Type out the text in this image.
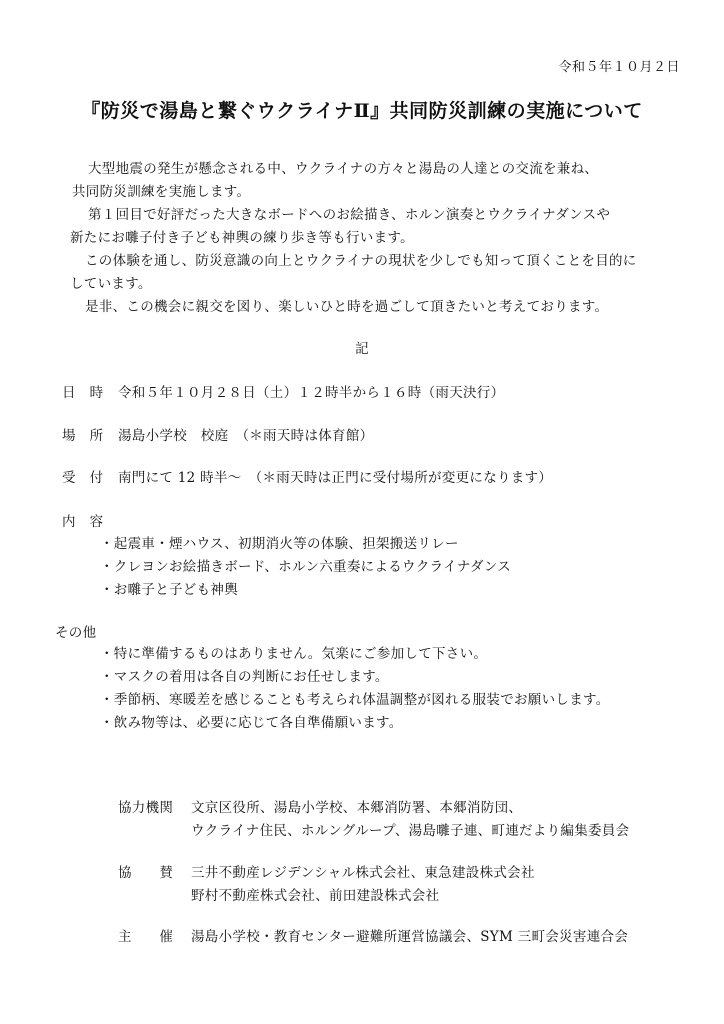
令和５年１０月２日
『防災で湯島と繋ぐウクライナⅡ』共同防災訓練の実施について
大型地震の発生が懸念される中、ウクライナの方々と湯島の人達との交流を兼ね、
共同防災訓練を実施します。
第１回目で好評だった大きなボードへのお絵描き、ホルン演奏とウクライナダンスや
新たにお囃子付き子ども神輿の練り歩き等も行います。
この体験を通し、防災意識の向上とウクライナの現状を少しでも知って頂くことを目的に
しています。
是非、この機会に親交を図り、楽しいひと時を過ごして頂きたいと考えております。
記
日　時 令和５年１０月２８日（土）１２時半から１６時（雨天決行）
場　所 湯島小学校　校庭　（＊雨天時は体育館）
受　付 南門にて 12 時半～　（＊雨天時は正門に受付場所が変更になります）
内　容
・起震車・煙ハウス、初期消火等の体験、担架搬送リレー
・クレヨンお絵描きボード、ホルン六重奏によるウクライナダンス
・お囃子と子ども神輿
その他
・特に準備するものはありません。気楽にご参加して下さい。
・マスクの着用は各自の判断にお任せします。
・季節柄、寒暖差を感じることも考えられ体温調整が図れる服装でお願いします。
・飲み物等は、必要に応じて各自準備願います。
協力機関 文京区役所、湯島小学校、本郷消防署、本郷消防団、
ウクライナ住民、ホルングループ、湯島囃子連、町連だより編集委員会
協　　賛 三井不動産レジデンシャル株式会社、東急建設株式会社
野村不動産株式会社、前田建設株式会社
主　　催 湯島小学校・教育センター避難所運営協議会、SYM 三町会災害連合会
